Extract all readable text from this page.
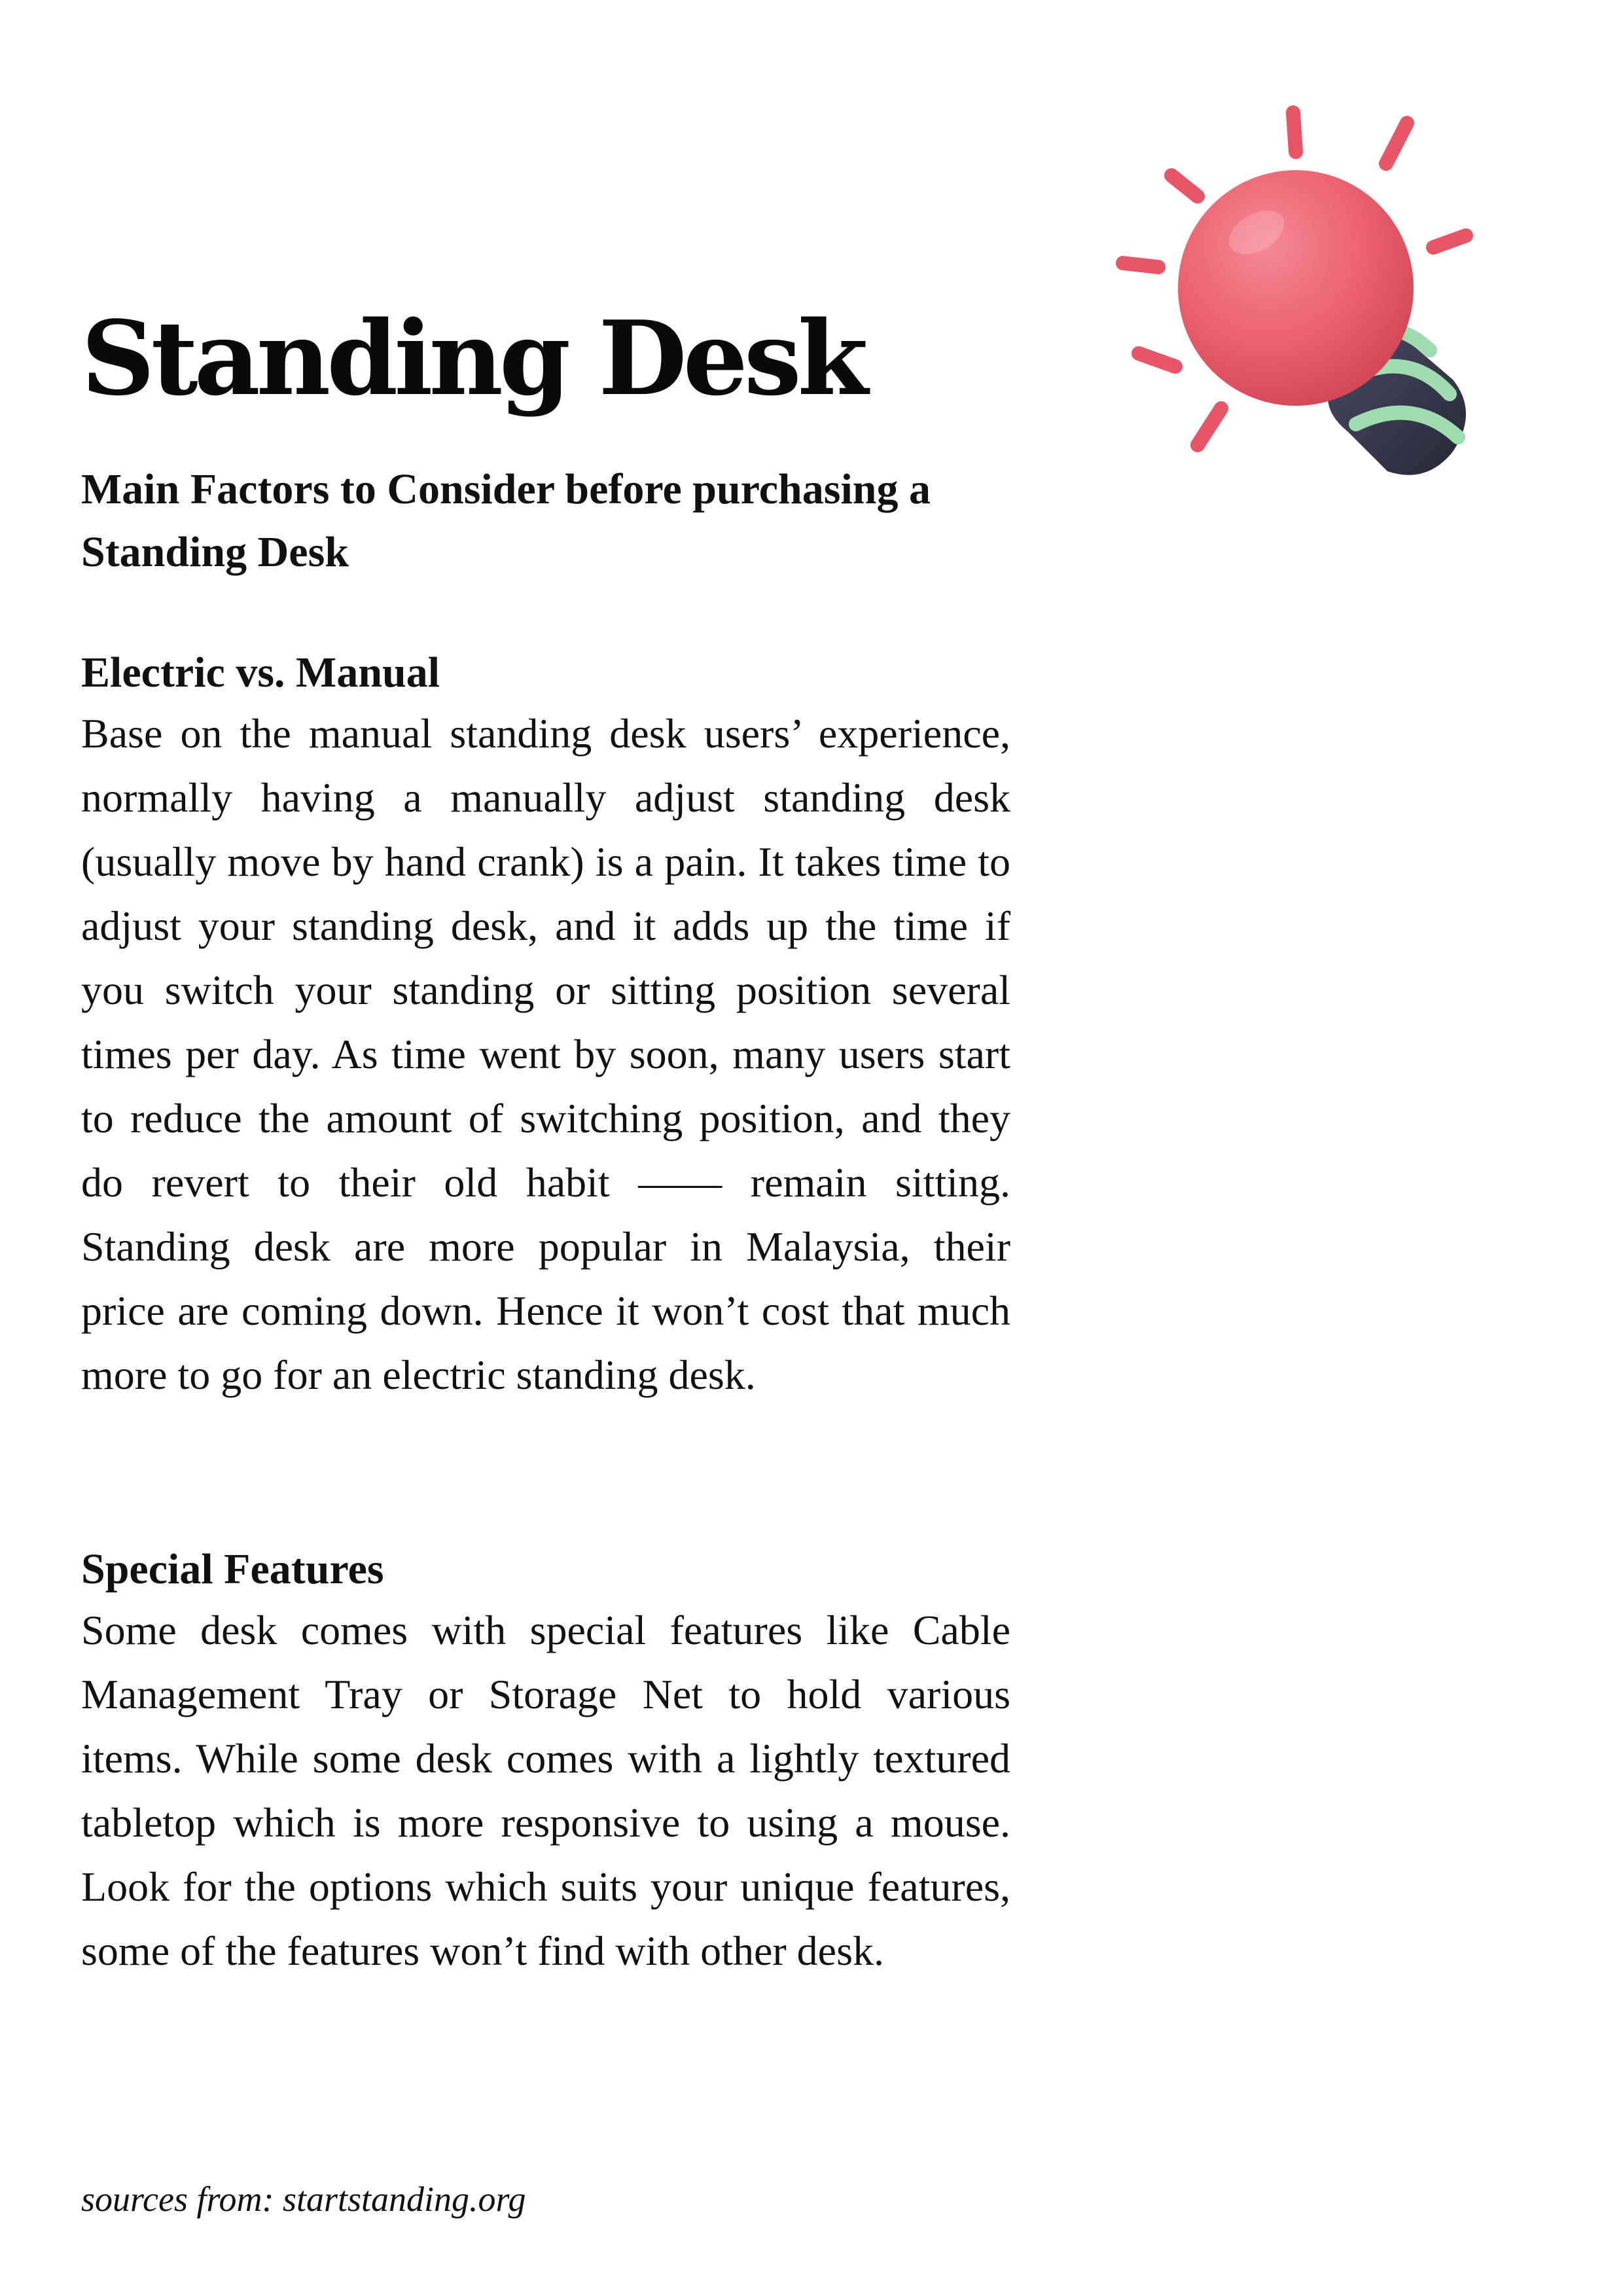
Standing Desk
Main Factors to Consider before purchasing a Standing Desk
Electric vs. Manual

Base on the manual standing desk users’ experience, normally having a manually adjust standing desk (usually move by hand crank) is a pain. It takes time to adjust your standing desk, and it adds up the time if you switch your standing or sitting position several times per day. As time went by soon, many users start to reduce the amount of switching position, and they do revert to their old habit —— remain sitting. Standing desk are more popular in Malaysia, their price are coming down. Hence it won’t cost that much more to go for an electric standing desk.

Special Features

Some desk comes with special features like Cable Management Tray or Storage Net to hold various items. While some desk comes with a lightly textured tabletop which is more responsive to using a mouse. Look for the options which suits your unique features, some of the features won’t find with other desk.

sources from: startstanding.org
